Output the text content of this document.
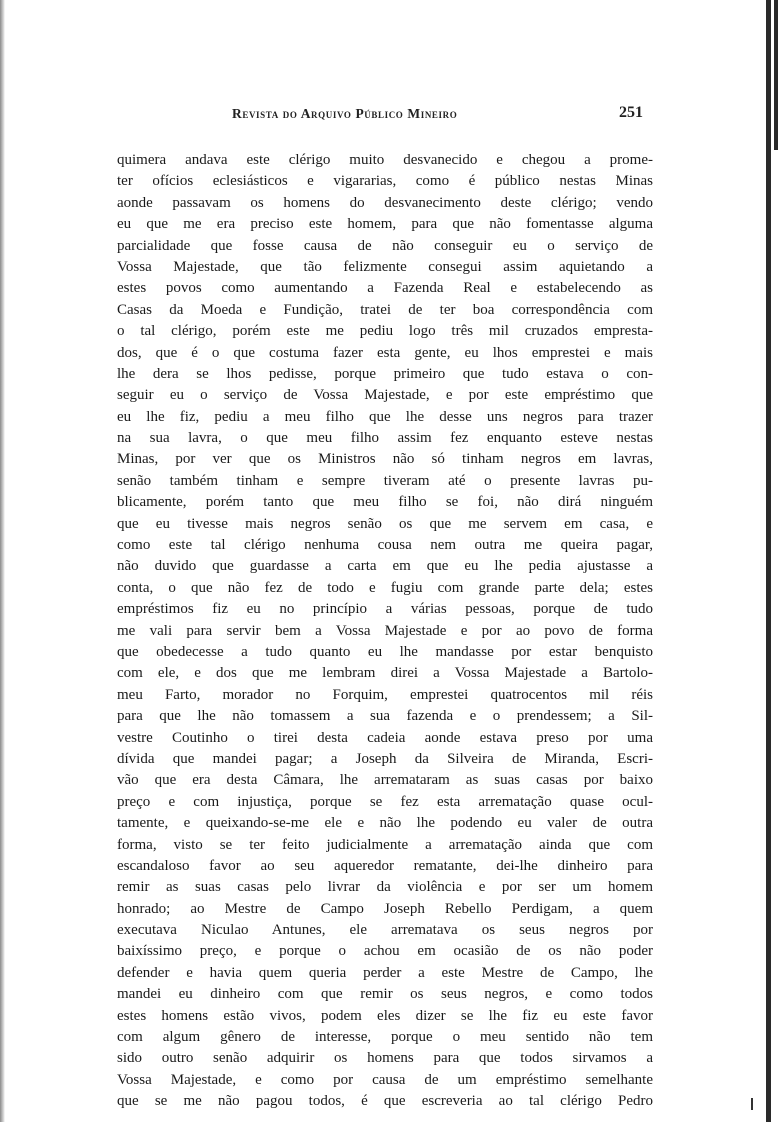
Revista do Arquivo Público Mineiro	251
quimera andava este clérigo muito desvanecido e chegou a prome-
ter ofícios eclesiásticos e vigararias, como é público nestas Minas
aonde passavam os homens do desvanecimento deste clérigo; vendo
eu que me era preciso este homem, para que não fomentasse alguma
parcialidade que fosse causa de não conseguir eu o serviço de
Vossa Majestade, que tão felizmente consegui assim aquietando a
estes povos como aumentando a Fazenda Real e estabelecendo as
Casas da Moeda e Fundição, tratei de ter boa correspondência com
o tal clérigo, porém este me pediu logo três mil cruzados empresta-
dos, que é o que costuma fazer esta gente, eu lhos emprestei e mais
lhe dera se lhos pedisse, porque primeiro que tudo estava o con-
seguir eu o serviço de Vossa Majestade, e por este empréstimo que
eu lhe fiz, pediu a meu filho que lhe desse uns negros para trazer
na sua lavra, o que meu filho assim fez enquanto esteve nestas
Minas, por ver que os Ministros não só tinham negros em lavras,
senão também tinham e sempre tiveram até o presente lavras pu-
blicamente, porém tanto que meu filho se foi, não dirá ninguém
que eu tivesse mais negros senão os que me servem em casa, e
como este tal clérigo nenhuma cousa nem outra me queira pagar,
não duvido que guardasse a carta em que eu lhe pedia ajustasse a
conta, o que não fez de todo e fugiu com grande parte dela; estes
empréstimos fiz eu no princípio a várias pessoas, porque de tudo
me vali para servir bem a Vossa Majestade e por ao povo de forma
que obedecesse a tudo quanto eu lhe mandasse por estar benquisto
com ele, e dos que me lembram direi a Vossa Majestade a Bartolo-
meu Farto, morador no Forquim, emprestei quatrocentos mil réis
para que lhe não tomassem a sua fazenda e o prendessem; a Sil-
vestre Coutinho o tirei desta cadeia aonde estava preso por uma
dívida que mandei pagar; a Joseph da Silveira de Miranda, Escri-
vão que era desta Câmara, lhe arremataram as suas casas por baixo
preço e com injustiça, porque se fez esta arrematação quase ocul-
tamente, e queixando-se-me ele e não lhe podendo eu valer de outra
forma, visto se ter feito judicialmente a arrematação ainda que com
escandaloso favor ao seu aqueredor rematante, dei-lhe dinheiro para
remir as suas casas pelo livrar da violência e por ser um homem
honrado; ao Mestre de Campo Joseph Rebello Perdigam, a quem
executava Niculao Antunes, ele arrematava os seus negros por
baixíssimo preço, e porque o achou em ocasião de os não poder
defender e havia quem queria perder a este Mestre de Campo, lhe
mandei eu dinheiro com que remir os seus negros, e como todos
estes homens estão vivos, podem eles dizer se lhe fiz eu este favor
com algum gênero de interesse, porque o meu sentido não tem
sido outro senão adquirir os homens para que todos sirvamos a
Vossa Majestade, e como por causa de um empréstimo semelhante
que se me não pagou todos, é que escreveria ao tal clérigo Pedro
